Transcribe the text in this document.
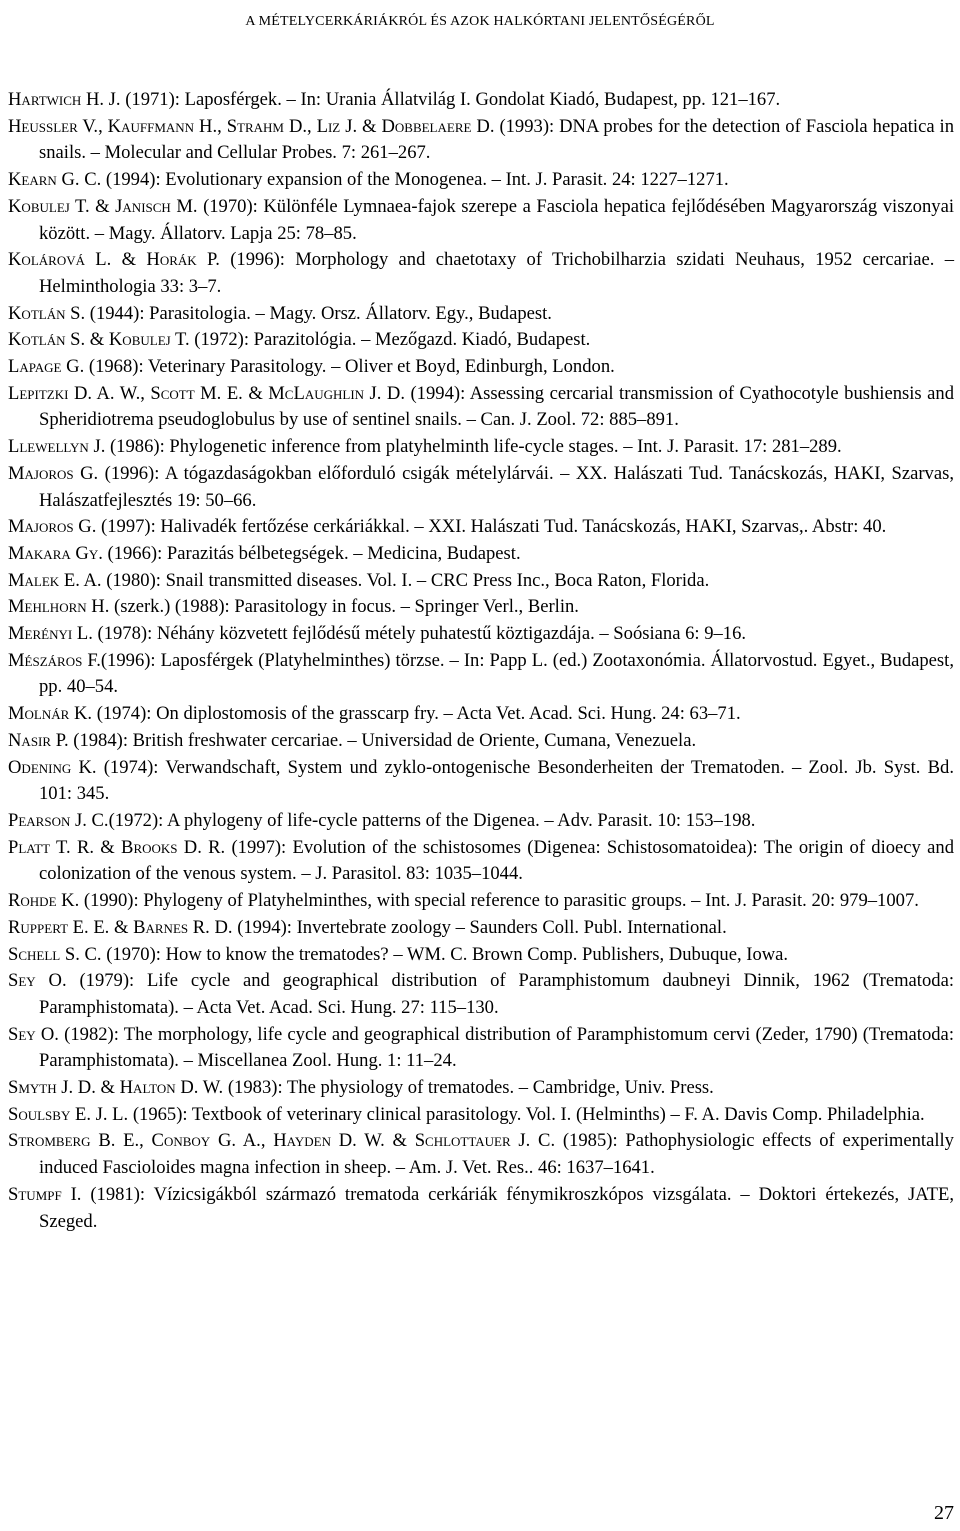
A MÉTELYCERKÁRIÁKRÓL ÉS AZOK HALKÓRTANI JELENTŐSÉGÉRŐL
Hartwich H. J. (1971): Laposférgek. – In: Urania Állatvilág I. Gondolat Kiadó, Budapest, pp. 121–167.
Heussler V., Kauffmann H., Strahm D., Liz J. & Dobbelaere D. (1993): DNA probes for the detection of Fasciola hepatica in snails. – Molecular and Cellular Probes. 7: 261–267.
Kearn G. C. (1994): Evolutionary expansion of the Monogenea. – Int. J. Parasit. 24: 1227–1271.
Kobulej T. & Janisch M. (1970): Különféle Lymnaea-fajok szerepe a Fasciola hepatica fejlődésében Magyarország viszonyai között. – Magy. Állatorv. Lapja 25: 78–85.
Kolárová L. & Horák P. (1996): Morphology and chaetotaxy of Trichobilharzia szidati Neuhaus, 1952 cercariae. – Helminthologia 33: 3–7.
Kotlán S. (1944): Parasitologia. – Magy. Orsz. Állatorv. Egy., Budapest.
Kotlán S. & Kobulej T. (1972): Parazitológia. – Mezőgazd. Kiadó, Budapest.
Lapage G. (1968): Veterinary Parasitology. – Oliver et Boyd, Edinburgh, London.
Lepitzki D. A. W., Scott M. E. & McLaughlin J. D. (1994): Assessing cercarial transmission of Cyathocotyle bushiensis and Spheridiotrema pseudoglobulus by use of sentinel snails. – Can. J. Zool. 72: 885–891.
Llewellyn J. (1986): Phylogenetic inference from platyhelminth life-cycle stages. – Int. J. Parasit. 17: 281–289.
Majoros G. (1996): A tógazdaságokban előforduló csigák mételylárvái. – XX. Halászati Tud. Tanácskozás, HAKI, Szarvas, Halászatfejlesztés 19: 50–66.
Majoros G. (1997): Halivadék fertőzése cerkáriákkal. – XXI. Halászati Tud. Tanácskozás, HAKI, Szarvas,. Abstr: 40.
Makara Gy. (1966): Parazitás bélbetegségek. – Medicina, Budapest.
Malek E. A. (1980): Snail transmitted diseases. Vol. I. – CRC Press Inc., Boca Raton, Florida.
Mehlhorn H. (szerk.) (1988): Parasitology in focus. – Springer Verl., Berlin.
Merényi L. (1978): Néhány közvetett fejlődésű métely puhatestű köztigazdája. – Soósiana 6: 9–16.
Mészáros F.(1996): Laposférgek (Platyhelminthes) törzse. – In: Papp L. (ed.) Zootaxonómia. Állatorvostud. Egyet., Budapest, pp. 40–54.
Molnár K. (1974): On diplostomosis of the grasscarp fry. – Acta Vet. Acad. Sci. Hung. 24: 63–71.
Nasir P. (1984): British freshwater cercariae. – Universidad de Oriente, Cumana, Venezuela.
Odening K. (1974): Verwandschaft, System und zyklo-ontogenische Besonderheiten der Trematoden. – Zool. Jb. Syst. Bd. 101: 345.
Pearson J. C.(1972): A phylogeny of life-cycle patterns of the Digenea. – Adv. Parasit. 10: 153–198.
Platt T. R. & Brooks D. R. (1997): Evolution of the schistosomes (Digenea: Schistosomatoidea): The origin of dioecy and colonization of the venous system. – J. Parasitol. 83: 1035–1044.
Rohde K. (1990): Phylogeny of Platyhelminthes, with special reference to parasitic groups. – Int. J. Parasit. 20: 979–1007.
Ruppert E. E. & Barnes R. D. (1994): Invertebrate zoology – Saunders Coll. Publ. International.
Schell S. C. (1970): How to know the trematodes? – WM. C. Brown Comp. Publishers, Dubuque, Iowa.
Sey O. (1979): Life cycle and geographical distribution of Paramphistomum daubneyi Dinnik, 1962 (Trematoda: Paramphistomata). – Acta Vet. Acad. Sci. Hung. 27: 115–130.
Sey O. (1982): The morphology, life cycle and geographical distribution of Paramphistomum cervi (Zeder, 1790) (Trematoda: Paramphistomata). – Miscellanea Zool. Hung. 1: 11–24.
Smyth J. D. & Halton D. W. (1983): The physiology of trematodes. – Cambridge, Univ. Press.
Soulsby E. J. L. (1965): Textbook of veterinary clinical parasitology. Vol. I. (Helminths) – F. A. Davis Comp. Philadelphia.
Stromberg B. E., Conboy G. A., Hayden D. W. & Schlottauer J. C. (1985): Pathophysiologic effects of experimentally induced Fascioloides magna infection in sheep. – Am. J. Vet. Res.. 46: 1637–1641.
Stumpf I. (1981): Vízicsigákból származó trematoda cerkáriák fénymikroszkópos vizsgálata. – Doktori értekezés, JATE, Szeged.
27
